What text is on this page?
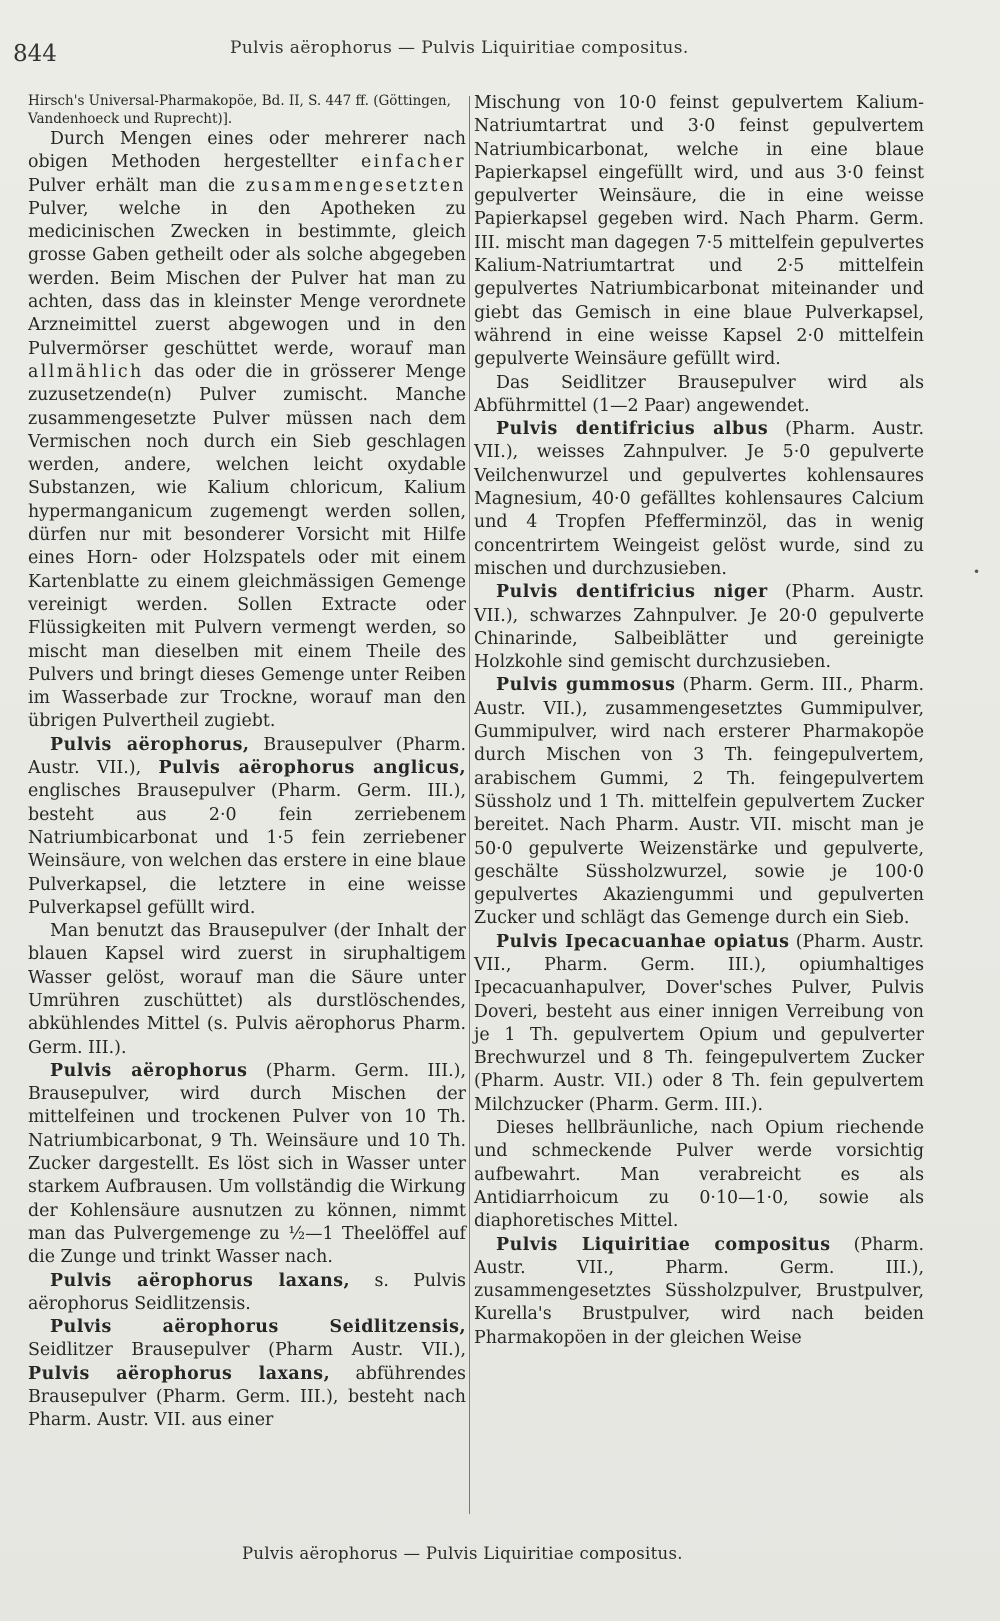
844	Pulvis aërophorus — Pulvis Liquiritiae compositus.

Hirsch's Universal-Pharmakopöe, Bd. II, S. 447 ff. (Göttingen, Vandenhoeck und Ruprecht)].

Durch Mengen eines oder mehrerer nach obigen Methoden hergestellter einfacher Pulver erhält man die zusammengesetzten Pulver, welche in den Apotheken zu medicinischen Zwecken in bestimmte, gleich grosse Gaben getheilt oder als solche abgegeben werden. Beim Mischen der Pulver hat man zu achten, dass das in kleinster Menge verordnete Arzneimittel zuerst abgewogen und in den Pulvermörser geschüttet werde, worauf man allmählich das oder die in grösserer Menge zuzusetzende(n) Pulver zumischt. Manche zusammengesetzte Pulver müssen nach dem Vermischen noch durch ein Sieb geschlagen werden, andere, welchen leicht oxydable Substanzen, wie Kalium chloricum, Kalium hypermanganicum zugemengt werden sollen, dürfen nur mit besonderer Vorsicht mit Hilfe eines Horn- oder Holzspatels oder mit einem Kartenblatte zu einem gleichmässigen Gemenge vereinigt werden. Sollen Extracte oder Flüssigkeiten mit Pulvern vermengt werden, so mischt man dieselben mit einem Theile des Pulvers und bringt dieses Gemenge unter Reiben im Wasserbade zur Trockne, worauf man den übrigen Pulvertheil zugiebt.

Pulvis aërophorus, Brausepulver (Pharm. Austr. VII.), Pulvis aërophorus anglicus, englisches Brausepulver (Pharm. Germ. III.), besteht aus 2·0 fein zerriebenem Natriumbicarbonat und 1·5 fein zerriebener Weinsäure, von welchen das erstere in eine blaue Pulverkapsel, die letztere in eine weisse Pulverkapsel gefüllt wird.

Man benutzt das Brausepulver (der Inhalt der blauen Kapsel wird zuerst in siruphaltigem Wasser gelöst, worauf man die Säure unter Umrühren zuschüttet) als durstlöschendes, abkühlendes Mittel (s. Pulvis aërophorus Pharm. Germ. III.).

Pulvis aërophorus (Pharm. Germ. III.), Brausepulver, wird durch Mischen der mittelfeinen und trockenen Pulver von 10 Th. Natriumbicarbonat, 9 Th. Weinsäure und 10 Th. Zucker dargestellt. Es löst sich in Wasser unter starkem Aufbrausen. Um vollständig die Wirkung der Kohlensäure ausnutzen zu können, nimmt man das Pulvergemenge zu ½—1 Theelöffel auf die Zunge und trinkt Wasser nach.

Pulvis aërophorus laxans, s. Pulvis aërophorus Seidlitzensis.

Pulvis aërophorus Seidlitzensis, Seidlitzer Brausepulver (Pharm Austr. VII.), Pulvis aërophorus laxans, abführendes Brausepulver (Pharm. Germ. III.), besteht nach Pharm. Austr. VII. aus einer

Mischung von 10·0 feinst gepulvertem Kalium-Natriumtartrat und 3·0 feinst gepulvertem Natriumbicarbonat, welche in eine blaue Papierkapsel eingefüllt wird, und aus 3·0 feinst gepulverter Weinsäure, die in eine weisse Papierkapsel gegeben wird. Nach Pharm. Germ. III. mischt man dagegen 7·5 mittelfein gepulvertes Kalium-Natriumtartrat und 2·5 mittelfein gepulvertes Natriumbicarbonat miteinander und giebt das Gemisch in eine blaue Pulverkapsel, während in eine weisse Kapsel 2·0 mittelfein gepulverte Weinsäure gefüllt wird.

Das Seidlitzer Brausepulver wird als Abführmittel (1—2 Paar) angewendet.

Pulvis dentifricius albus (Pharm. Austr. VII.), weisses Zahnpulver. Je 5·0 gepulverte Veilchenwurzel und gepulvertes kohlensaures Magnesium, 40·0 gefälltes kohlensaures Calcium und 4 Tropfen Pfefferminzöl, das in wenig concentrirtem Weingeist gelöst wurde, sind zu mischen und durchzusieben.

Pulvis dentifricius niger (Pharm. Austr. VII.), schwarzes Zahnpulver. Je 20·0 gepulverte Chinarinde, Salbeiblätter und gereinigte Holzkohle sind gemischt durchzusieben.

Pulvis gummosus (Pharm. Germ. III., Pharm. Austr. VII.), zusammengesetztes Gummipulver, Gummipulver, wird nach ersterer Pharmakopöe durch Mischen von 3 Th. feingepulvertem, arabischem Gummi, 2 Th. feingepulvertem Süssholz und 1 Th. mittelfein gepulvertem Zucker bereitet. Nach Pharm. Austr. VII. mischt man je 50·0 gepulverte Weizenstärke und gepulverte, geschälte Süssholzwurzel, sowie je 100·0 gepulvertes Akaziengummi und gepulverten Zucker und schlägt das Gemenge durch ein Sieb.

Pulvis Ipecacuanhae opiatus (Pharm. Austr. VII., Pharm. Germ. III.), opiumhaltiges Ipecacuanhapulver, Dover'sches Pulver, Pulvis Doveri, besteht aus einer innigen Verreibung von je 1 Th. gepulvertem Opium und gepulverter Brechwurzel und 8 Th. feingepulvertem Zucker (Pharm. Austr. VII.) oder 8 Th. fein gepulvertem Milchzucker (Pharm. Germ. III.).

Dieses hellbräunliche, nach Opium riechende und schmeckende Pulver werde vorsichtig aufbewahrt. Man verabreicht es als Antidiarrhoicum zu 0·10—1·0, sowie als diaphoretisches Mittel.

Pulvis Liquiritiae compositus (Pharm. Austr. VII., Pharm. Germ. III.), zusammengesetztes Süssholzpulver, Brustpulver, Kurella's Brustpulver, wird nach beiden Pharmakopöen in der gleichen Weise

•
Pulvis aërophorus — Pulvis Liquiritiae compositus.
